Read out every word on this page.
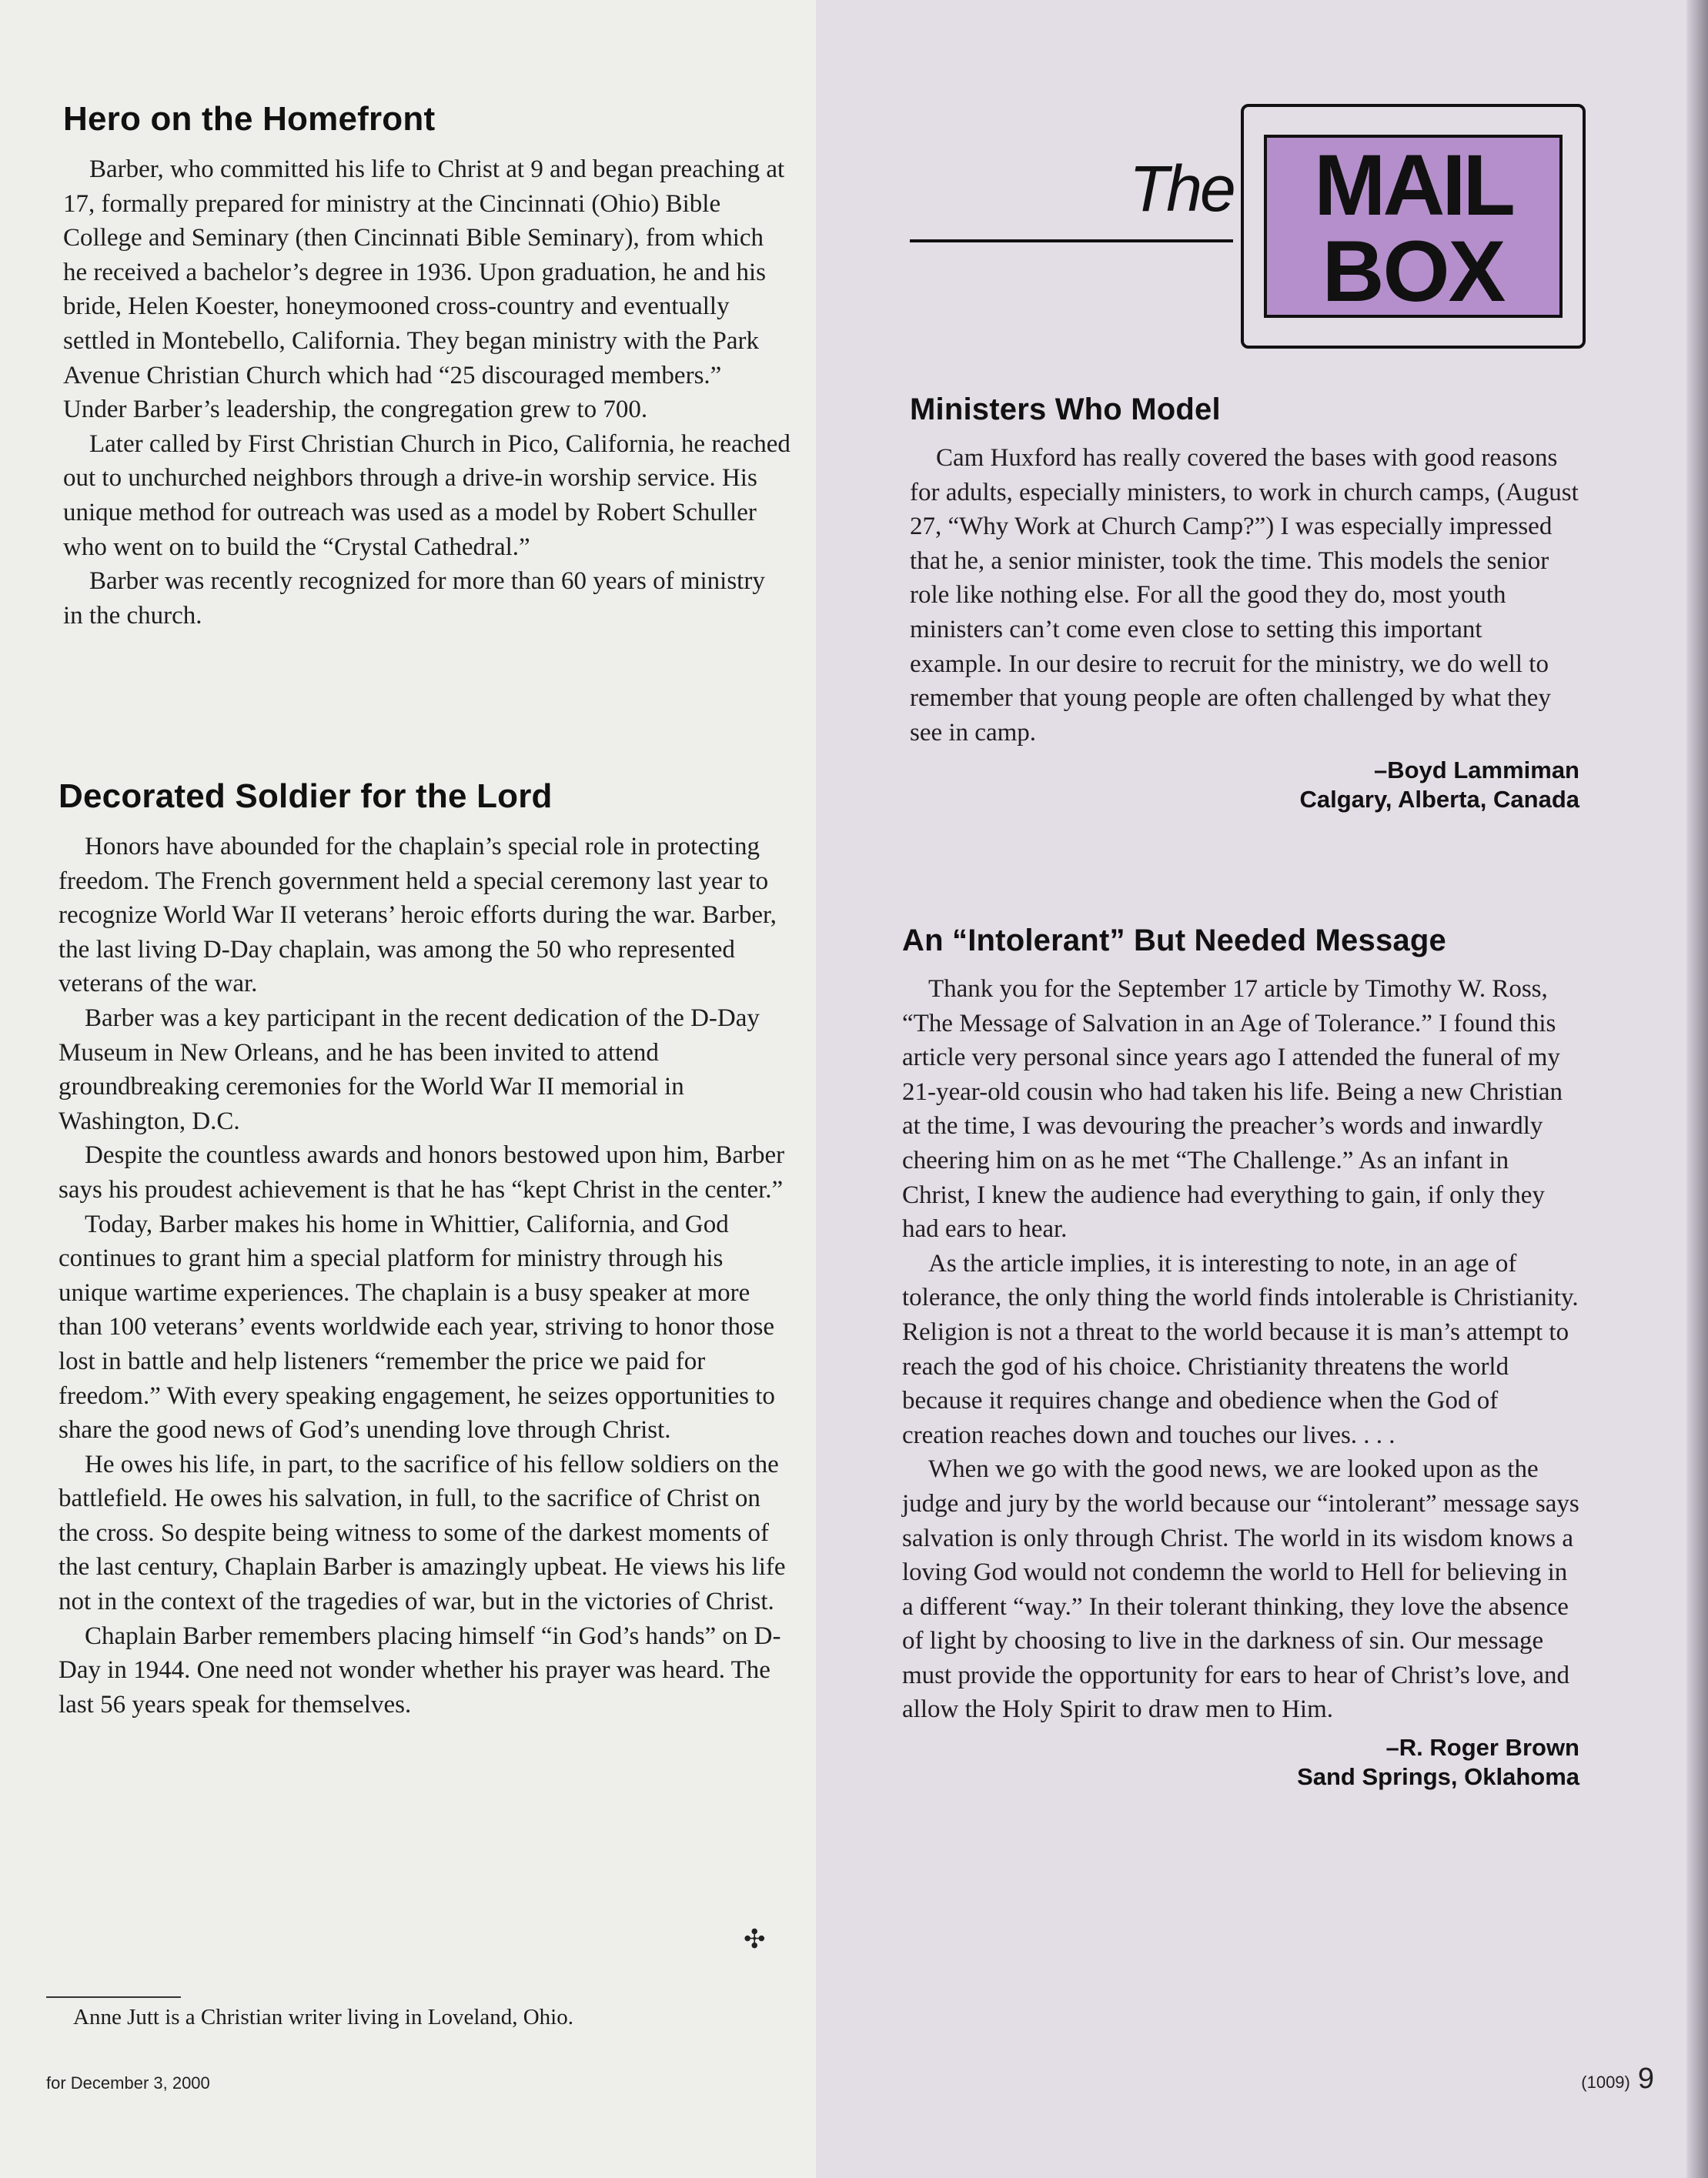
Hero on the Homefront

Barber, who committed his life to Christ at 9 and began preaching at 17, formally prepared for ministry at the Cincinnati (Ohio) Bible College and Seminary (then Cincinnati Bible Seminary), from which he received a bachelor’s degree in 1936. Upon graduation, he and his bride, Helen Koester, honeymooned cross-country and eventually settled in Montebello, California. They began ministry with the Park Avenue Christian Church which had “25 discouraged members.” Under Barber’s leadership, the congregation grew to 700.

Later called by First Christian Church in Pico, California, he reached out to unchurched neighbors through a drive-in worship service. His unique method for outreach was used as a model by Robert Schuller who went on to build the “Crystal Cathedral.”

Barber was recently recognized for more than 60 years of ministry in the church.

Decorated Soldier for the Lord

Honors have abounded for the chaplain’s special role in protecting freedom. The French government held a special ceremony last year to recognize World War II veterans’ heroic efforts during the war. Barber, the last living D-Day chaplain, was among the 50 who represented veterans of the war.

Barber was a key participant in the recent dedication of the D-Day Museum in New Orleans, and he has been invited to attend groundbreaking ceremonies for the World War II memorial in Washington, D.C.

Despite the countless awards and honors bestowed upon him, Barber says his proudest achievement is that he has “kept Christ in the center.”

Today, Barber makes his home in Whittier, California, and God continues to grant him a special platform for ministry through his unique wartime experiences. The chaplain is a busy speaker at more than 100 veterans’ events worldwide each year, striving to honor those lost in battle and help listeners “remember the price we paid for freedom.” With every speaking engagement, he seizes opportunities to share the good news of God’s unending love through Christ.

He owes his life, in part, to the sacrifice of his fellow soldiers on the battlefield. He owes his salvation, in full, to the sacrifice of Christ on the cross. So despite being witness to some of the darkest moments of the last century, Chaplain Barber is amazingly upbeat. He views his life not in the context of the tragedies of war, but in the victories of Christ.

Chaplain Barber remembers placing himself “in God’s hands” on D-Day in 1944. One need not wonder whether his prayer was heard. The last 56 years speak for themselves.

✣
Anne Jutt is a Christian writer living in Loveland, Ohio.
for December 3, 2000
The MAIL
BOX
Ministers Who Model

Cam Huxford has really covered the bases with good reasons for adults, especially ministers, to work in church camps, (August 27, “Why Work at Church Camp?”) I was especially impressed that he, a senior minister, took the time. This models the senior role like nothing else. For all the good they do, most youth ministers can’t come even close to setting this important example. In our desire to recruit for the ministry, we do well to remember that young people are often challenged by what they see in camp.

–Boyd Lammiman
Calgary, Alberta, Canada
An “Intolerant” But Needed Message

Thank you for the September 17 article by Timothy W. Ross, “The Message of Salvation in an Age of Tolerance.” I found this article very personal since years ago I attended the funeral of my 21-year-old cousin who had taken his life. Being a new Christian at the time, I was devouring the preacher’s words and inwardly cheering him on as he met “The Challenge.” As an infant in Christ, I knew the audience had everything to gain, if only they had ears to hear.

As the article implies, it is interesting to note, in an age of tolerance, the only thing the world finds intolerable is Christianity. Religion is not a threat to the world because it is man’s attempt to reach the god of his choice. Christianity threatens the world because it requires change and obedience when the God of creation reaches down and touches our lives. . . .

When we go with the good news, we are looked upon as the judge and jury by the world because our “intolerant” message says salvation is only through Christ. The world in its wisdom knows a loving God would not condemn the world to Hell for believing in a different “way.” In their tolerant thinking, they love the absence of light by choosing to live in the darkness of sin. Our message must provide the opportunity for ears to hear of Christ’s love, and allow the Holy Spirit to draw men to Him.

–R. Roger Brown
Sand Springs, Oklahoma
(1009) 9
